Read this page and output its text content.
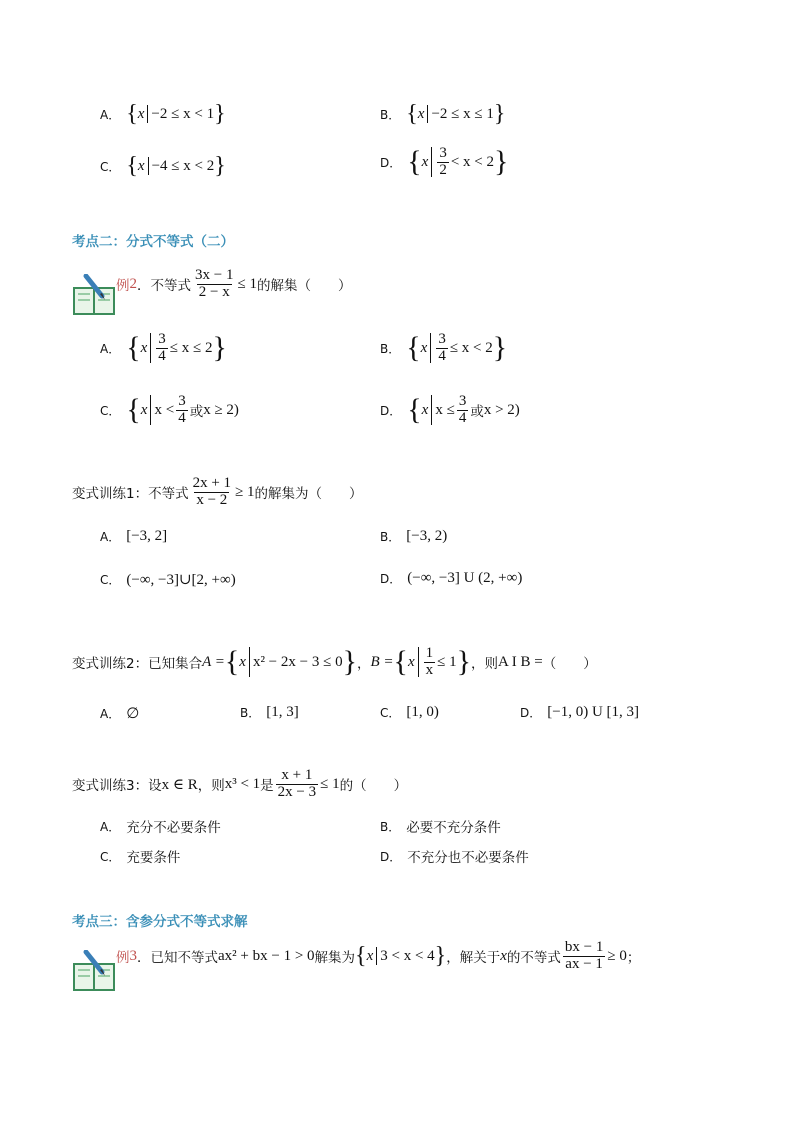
A． { x −2 ≤ x < 1 }	B． { x −2 ≤ x ≤ 1 }
C． { x −4 ≤ x < 2 }	D． { x $\frac{3}{2} < x < 2$ }
考点二：分式不等式（二）
例 2 ．不等式 $\frac{3x - 1}{2 - x} \le 1$ 的解集（　　）
A． { x $\frac{3}{4} \le x \le 2$ }	B． { x $\frac{3}{4} \le x < 2$ }
C． { x $x < \frac{3}{4}$ 或 x ≥ 2)	D． { x $x \le \frac{3}{4}$ 或 x > 2)
变式训练1：不等式 $\frac{2x + 1}{x - 2} \ge 1$ 的解集为（　　）
A． [−3, 2]	B． [−3, 2)
C． (−∞, −3]∪[2, +∞)	D． (−∞, −3] U (2, +∞)
变式训练2：已知集合 A = { x x² − 2x − 3 ≤ 0 } ， B = { x $\frac{1}{x} \le 1$ } ，则 A I B = （　　）
A． ∅	B． [1, 3]	C． [1, 0)	D． [−1, 0) U [1, 3]
变式训练3：设 x ∈ R ，则 x³ < 1 是 $\frac{x + 1}{2x - 3} \le 1$ 的（　　）
A． 充分不必要条件	B． 必要不充分条件
C． 充要条件	D． 不充分也不必要条件
考点三：含参分式不等式求解
例 3 ．已知不等式 ax² + bx − 1 > 0 解集为 { x 3 < x < 4 } ，解关于 x 的不等式 $\frac{bx - 1}{ax - 1} \ge 0$ ；
